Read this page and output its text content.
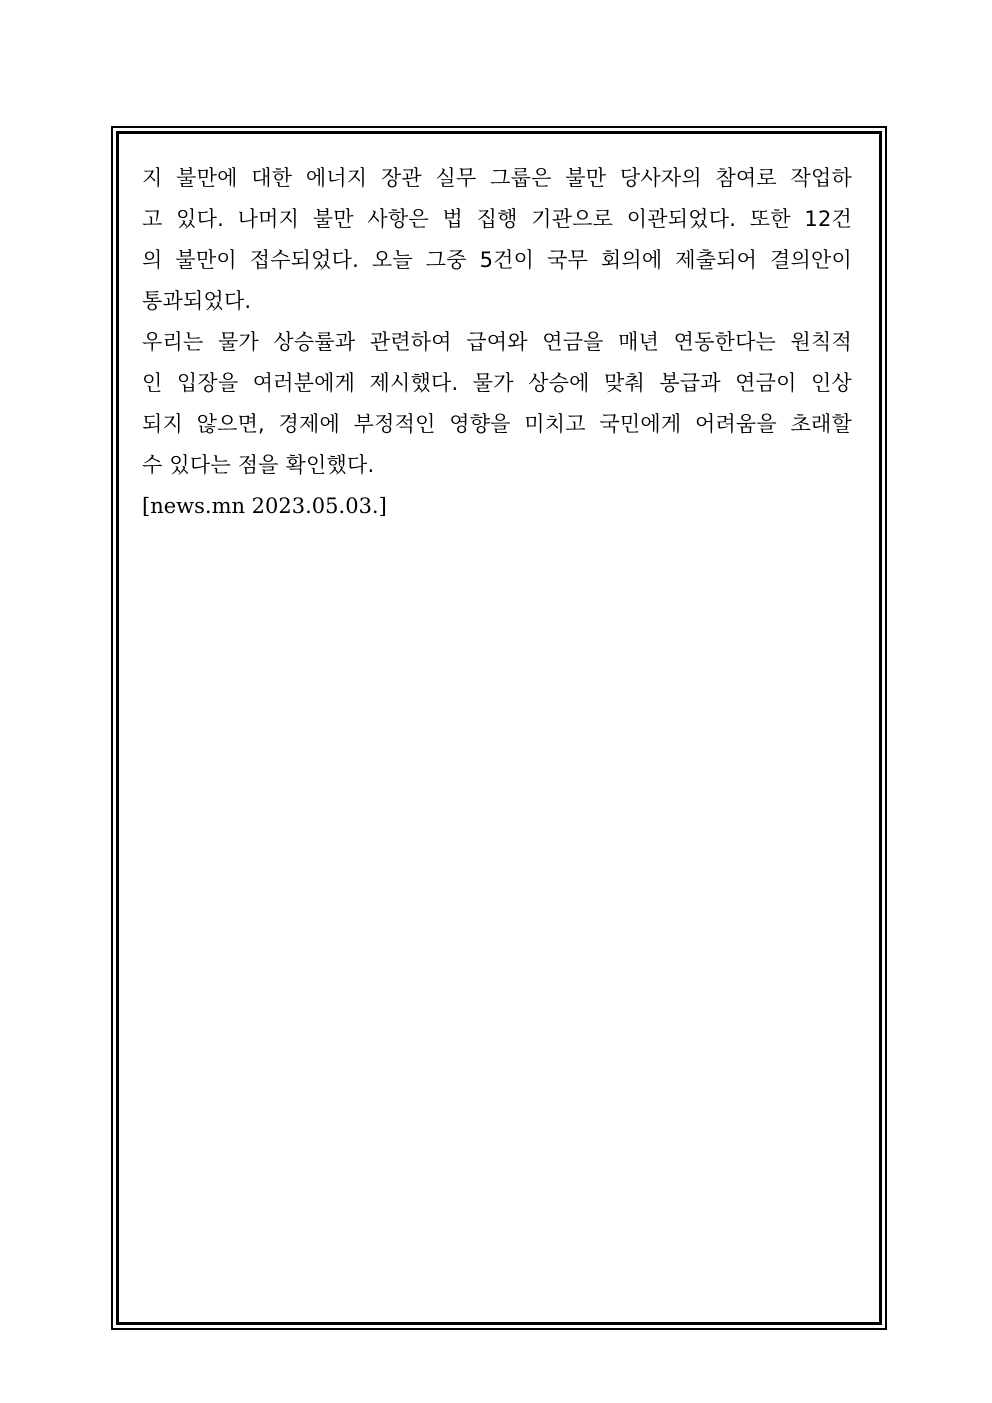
지 불만에 대한 에너지 장관 실무 그룹은 불만 당사자의 참여로 작업하
고 있다. 나머지 불만 사항은 법 집행 기관으로 이관되었다. 또한 12건
의 불만이 접수되었다. 오늘 그중 5건이 국무 회의에 제출되어 결의안이
통과되었다.
우리는 물가 상승률과 관련하여 급여와 연금을 매년 연동한다는 원칙적
인 입장을 여러분에게 제시했다. 물가 상승에 맞춰 봉급과 연금이 인상
되지 않으면, 경제에 부정적인 영향을 미치고 국민에게 어려움을 초래할
수 있다는 점을 확인했다.
[news.mn 2023.05.03.]
